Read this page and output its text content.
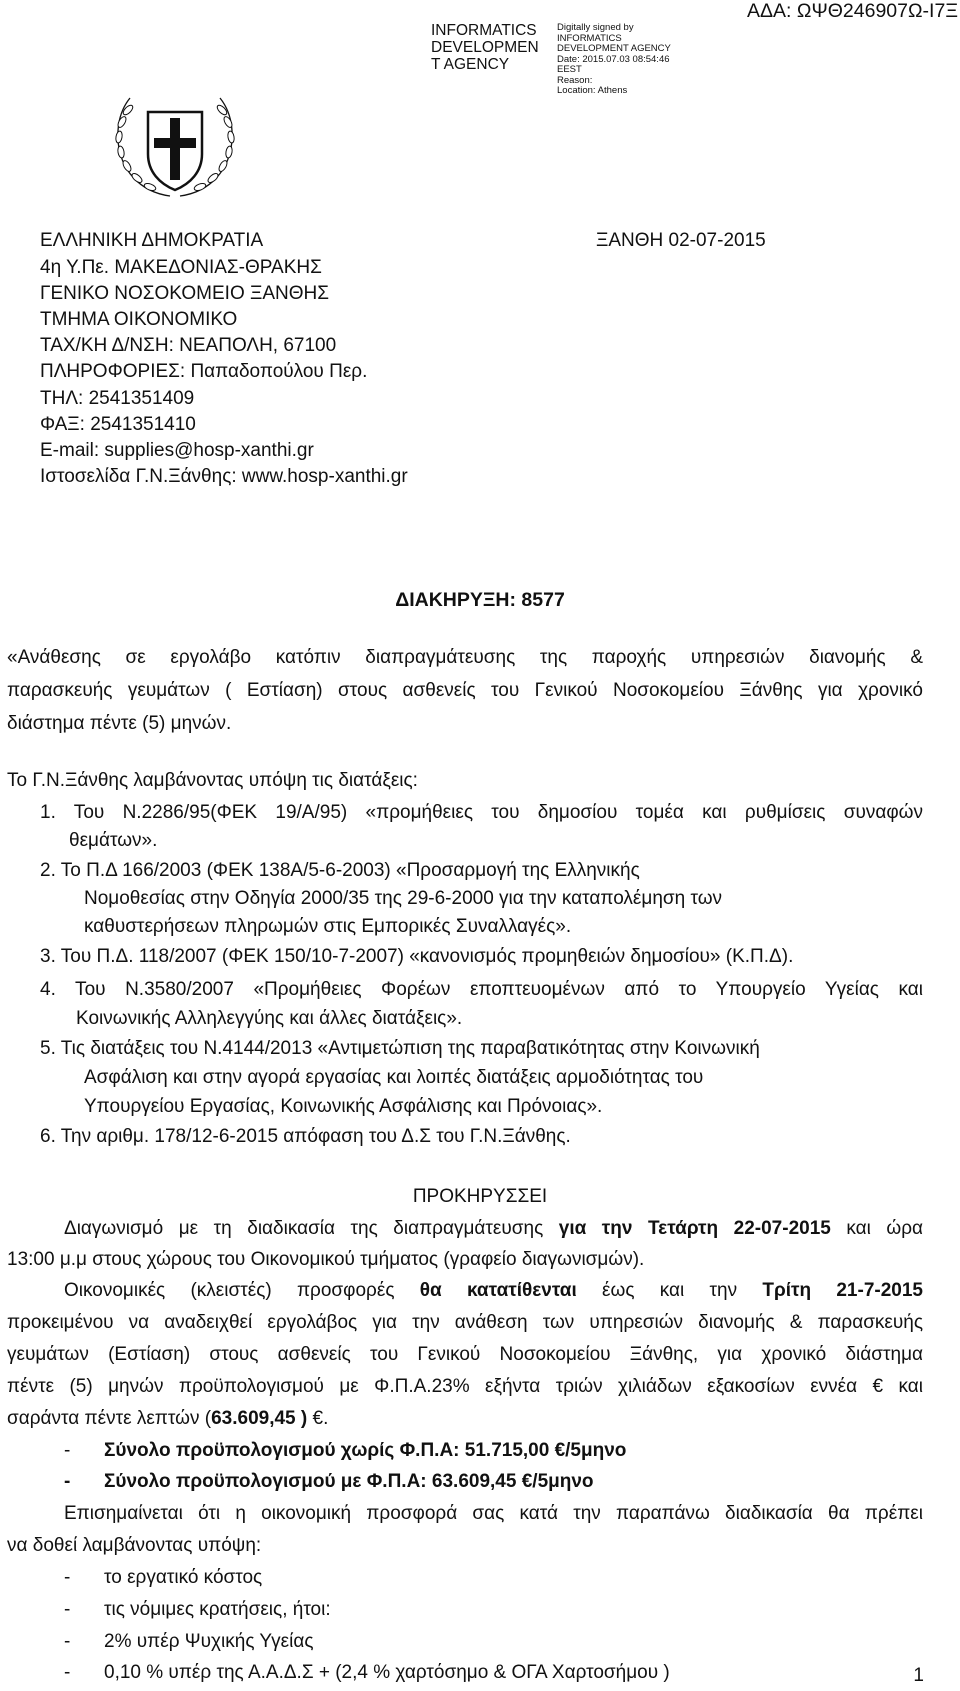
INFORMATICS
DEVELOPMEN
T AGENCY
Digitally signed by
INFORMATICS
DEVELOPMENT AGENCY
Date: 2015.07.03 08:54:46
EEST
Reason:
Location: Athens
ΑΔΑ: ΩΨΘ246907Ω-Ι7Ξ
ΕΛΛΗΝΙΚΗ ΔΗΜΟΚΡΑΤΙΑ	ΞΑΝΘΗ 02-07-2015
4η Υ.Πε. ΜΑΚΕΔΟΝΙΑΣ-ΘΡΑΚΗΣ
ΓΕΝΙΚΟ ΝΟΣΟΚΟΜΕΙΟ ΞΑΝΘΗΣ
ΤΜΗΜΑ ΟΙΚΟΝΟΜΙΚΟ
ΤΑΧ/ΚΗ Δ/ΝΣΗ: ΝΕΑΠΟΛΗ, 67100
ΠΛΗΡΟΦΟΡΙΕΣ: Παπαδοπούλου Περ.
ΤΗΛ: 2541351409
ΦΑΞ: 2541351410
E-mail: supplies@hosp-xanthi.gr
Ιστοσελίδα Γ.Ν.Ξάνθης: www.hosp-xanthi.gr
ΔΙΑΚΗΡΥΞΗ: 8577
«Ανάθεσης σε εργολάβο κατόπιν διαπραγμάτευσης της παροχής υπηρεσιών διανομής &
παρασκευής γευμάτων ( Εστίαση) στους ασθενείς του Γενικού Νοσοκομείου Ξάνθης για χρονικό
διάστημα πέντε (5) μηνών.
Το Γ.Ν.Ξάνθης λαμβάνοντας υπόψη τις διατάξεις:
1. Του Ν.2286/95(ΦΕΚ 19/Α/95) «προμήθειες του δημοσίου τομέα και ρυθμίσεις συναφών
θεμάτων».
2. Το Π.Δ 166/2003 (ΦΕΚ 138Α/5-6-2003) «Προσαρμογή της Ελληνικής
Νομοθεσίας στην Οδηγία 2000/35 της 29-6-2000 για την καταπολέμηση των
καθυστερήσεων πληρωμών στις Εμπορικές Συναλλαγές».
3. Του Π.Δ. 118/2007 (ΦΕΚ 150/10-7-2007) «κανονισμός προμηθειών δημοσίου» (Κ.Π.Δ).
4. Του Ν.3580/2007 «Προμήθειες Φορέων εποπτευομένων από το Υπουργείο Υγείας και
Κοινωνικής Αλληλεγγύης και άλλες διατάξεις».
5. Τις διατάξεις του Ν.4144/2013 «Αντιμετώπιση της παραβατικότητας στην Κοινωνική
Ασφάλιση και στην αγορά εργασίας και λοιπές διατάξεις αρμοδιότητας του
Υπουργείου Εργασίας, Κοινωνικής Ασφάλισης και Πρόνοιας».
6. Την αριθμ. 178/12-6-2015 απόφαση του Δ.Σ του Γ.Ν.Ξάνθης.
ΠΡΟΚΗΡΥΣΣΕΙ
Διαγωνισμό με τη διαδικασία της διαπραγμάτευσης για την Τετάρτη 22-07-2015 και ώρα
13:00 μ.μ στους χώρους του Οικονομικού τμήματος (γραφείο διαγωνισμών).
Οικονομικές (κλειστές) προσφορές θα κατατίθενται έως και την Τρίτη 21-7-2015
προκειμένου να αναδειχθεί εργολάβος για την ανάθεση των υπηρεσιών διανομής & παρασκευής
γευμάτων (Εστίαση) στους ασθενείς του Γενικού Νοσοκομείου Ξάνθης, για χρονικό διάστημα
πέντε (5) μηνών προϋπολογισμού με Φ.Π.Α.23% εξήντα τριών χιλιάδων εξακοσίων εννέα € και
σαράντα πέντε λεπτών (63.609,45 ) €.
- Σύνολο προϋπολογισμού χωρίς Φ.Π.Α: 51.715,00 €/5μηνο
- Σύνολο προϋπολογισμού με Φ.Π.Α: 63.609,45 €/5μηνο
Επισημαίνεται ότι η οικονομική προσφορά σας κατά την παραπάνω διαδικασία θα πρέπει
να δοθεί λαμβάνοντας υπόψη:
- το εργατικό κόστος
- τις νόμιμες κρατήσεις, ήτοι:
- 2% υπέρ Ψυχικής Υγείας
- 0,10 % υπέρ της Α.Α.Δ.Σ + (2,4 % χαρτόσημο & ΟΓΑ Χαρτοσήμου )	1
